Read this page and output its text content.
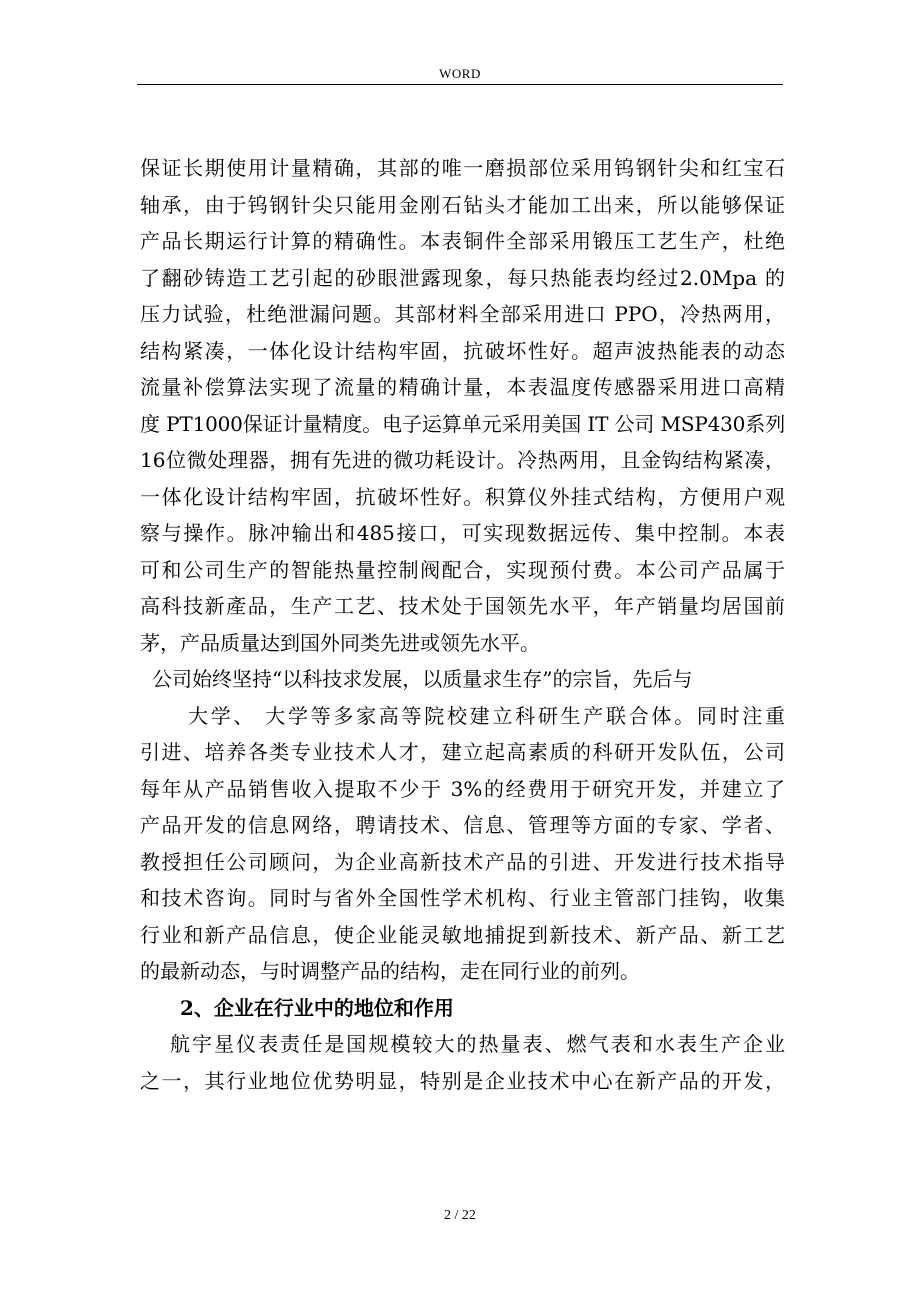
WORD
保证长期使用计量精确，其部的唯一磨损部位采用钨钢针尖和红宝石
轴承，由于钨钢针尖只能用金刚石钻头才能加工出来，所以能够保证
产品长期运行计算的精确性。本表铜件全部采用锻压工艺生产，杜绝
了翻砂铸造工艺引起的砂眼泄露现象，每只热能表均经过2.0Mpa 的
压力试验，杜绝泄漏问题。其部材料全部采用进口 PPO，冷热两用，
结构紧凑，一体化设计结构牢固，抗破坏性好。超声波热能表的动态
流量补偿算法实现了流量的精确计量，本表温度传感器采用进口高精
度 PT1000保证计量精度。电子运算单元采用美国 IT 公司 MSP430系列
16位微处理器，拥有先进的微功耗设计。冷热两用，且金钩结构紧凑，
一体化设计结构牢固，抗破坏性好。积算仪外挂式结构，方便用户观
察与操作。脉冲输出和485接口，可实现数据远传、集中控制。本表
可和公司生产的智能热量控制阀配合，实现预付费。本公司产品属于
高科技新產品，生产工艺、技术处于国领先水平，年产销量均居国前
茅，产品质量达到国外同类先进或领先水平。
公司始终坚持“以科技求发展，以质量求生存”的宗旨，先后与
大学、 大学等多家高等院校建立科研生产联合体。同时注重
引进、培养各类专业技术人才，建立起高素质的科研开发队伍，公司
每年从产品销售收入提取不少于 3%的经费用于研究开发，并建立了
产品开发的信息网络，聘请技术、信息、管理等方面的专家、学者、
教授担任公司顾问，为企业高新技术产品的引进、开发进行技术指导
和技术咨询。同时与省外全国性学术机构、行业主管部门挂钩，收集
行业和新产品信息，使企业能灵敏地捕捉到新技术、新产品、新工艺
的最新动态，与时调整产品的结构，走在同行业的前列。
2、企业在行业中的地位和作用
航宇星仪表责任是国规模较大的热量表、燃气表和水表生产企业
之一，其行业地位优势明显，特别是企业技术中心在新产品的开发，
2 / 22
